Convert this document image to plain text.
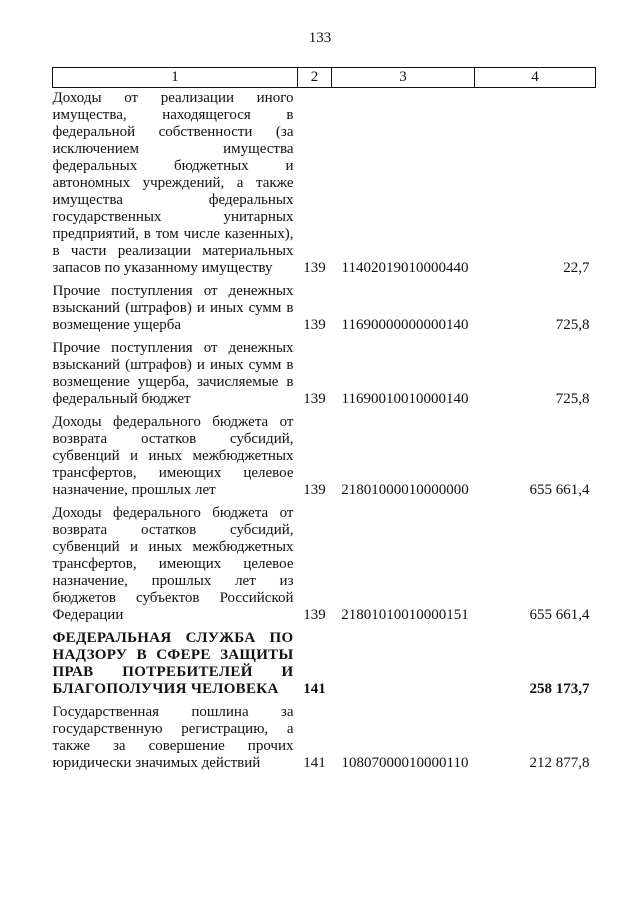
133
1	2	3	4
Доходы от реализации иного имущества, находящегося в федеральной собственности (за исключением имущества федеральных бюджетных и автономных учреждений, а также имущества федеральных государственных унитарных предприятий, в том числе казенных), в части реализации материальных запасов по указанному имуществу	139	11402019010000440	22,7

Прочие поступления от денежных взысканий (штрафов) и иных сумм в возмещение ущерба	139	11690000000000140	725,8

Прочие поступления от денежных взысканий (штрафов) и иных сумм в возмещение ущерба, зачисляемые в федеральный бюджет	139	11690010010000140	725,8

Доходы федерального бюджета от возврата остатков субсидий, субвенций и иных межбюджетных трансфертов, имеющих целевое назначение, прошлых лет	139	21801000010000000	655 661,4

Доходы федерального бюджета от возврата остатков субсидий, субвенций и иных межбюджетных трансфертов, имеющих целевое назначение, прошлых лет из бюджетов субъектов Российской Федерации	139	21801010010000151	655 661,4

ФЕДЕРАЛЬНАЯ СЛУЖБА ПО НАДЗОРУ В СФЕРЕ ЗАЩИТЫ ПРАВ ПОТРЕБИТЕЛЕЙ И БЛАГОПОЛУЧИЯ ЧЕЛОВЕКА	141		258 173,7

Государственная пошлина за государственную регистрацию, а также за совершение прочих юридически значимых действий	141	10807000010000110	212 877,8
